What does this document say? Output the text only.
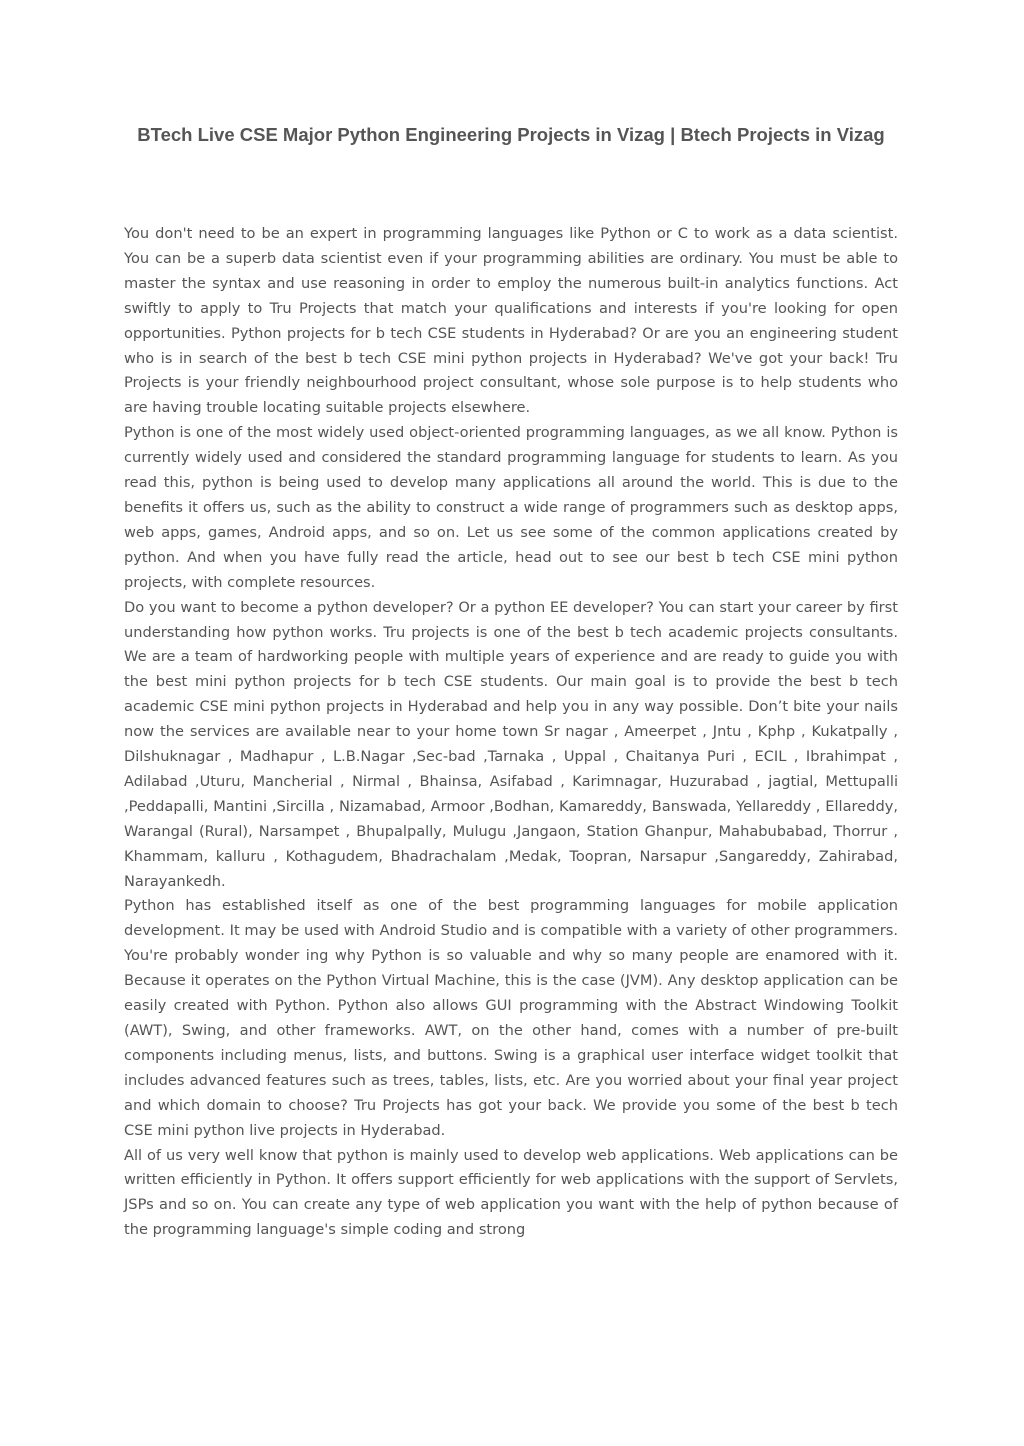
BTech Live CSE Major Python Engineering Projects in Vizag | Btech Projects in Vizag

You don't need to be an expert in programming languages like Python or C to work as a data scientist. You can be a superb data scientist even if your programming abilities are ordinary. You must be able to master the syntax and use reasoning in order to employ the numerous built-in analytics functions. Act swiftly to apply to Tru Projects that match your qualifications and interests if you're looking for open opportunities. Python projects for b tech CSE students in Hyderabad? Or are you an engineering student who is in search of the best b tech CSE mini python projects in Hyderabad? We've got your back! Tru Projects is your friendly neighbourhood project consultant, whose sole purpose is to help students who are having trouble locating suitable projects elsewhere.

Python is one of the most widely used object-oriented programming languages, as we all know. Python is currently widely used and considered the standard programming language for students to learn. As you read this, python is being used to develop many applications all around the world. This is due to the benefits it offers us, such as the ability to construct a wide range of programmers such as desktop apps, web apps, games, Android apps, and so on. Let us see some of the common applications created by python. And when you have fully read the article, head out to see our best b tech CSE mini python projects, with complete resources.

Do you want to become a python developer? Or a python EE developer? You can start your career by first understanding how python works. Tru projects is one of the best b tech academic projects consultants. We are a team of hardworking people with multiple years of experience and are ready to guide you with the best mini python projects for b tech CSE students. Our main goal is to provide the best b tech academic CSE mini python projects in Hyderabad and help you in any way possible. Don’t bite your nails now the services are available near to your home town Sr nagar , Ameerpet , Jntu , Kphp , Kukatpally , Dilshuknagar , Madhapur , L.B.Nagar ,Sec-bad ,Tarnaka , Uppal , Chaitanya Puri , ECIL , Ibrahimpat , Adilabad ,Uturu, Mancherial , Nirmal , Bhainsa, Asifabad , Karimnagar, Huzurabad , jagtial, Mettupalli ,Peddapalli, Mantini ,Sircilla , Nizamabad, Armoor ,Bodhan, Kamareddy, Banswada, Yellareddy , Ellareddy, Warangal (Rural), Narsampet , Bhupalpally, Mulugu ,Jangaon, Station Ghanpur, Mahabubabad, Thorrur , Khammam, kalluru , Kothagudem, Bhadrachalam ,Medak, Toopran, Narsapur ,Sangareddy, Zahirabad, Narayankedh.

Python has established itself as one of the best programming languages for mobile application development. It may be used with Android Studio and is compatible with a variety of other programmers. You're probably wonder ing why Python is so valuable and why so many people are enamored with it. Because it operates on the Python Virtual Machine, this is the case (JVM). Any desktop application can be easily created with Python. Python also allows GUI programming with the Abstract Windowing Toolkit (AWT), Swing, and other frameworks. AWT, on the other hand, comes with a number of pre-built components including menus, lists, and buttons. Swing is a graphical user interface widget toolkit that includes advanced features such as trees, tables, lists, etc. Are you worried about your final year project and which domain to choose? Tru Projects has got your back. We provide you some of the best b tech CSE mini python live projects in Hyderabad.

All of us very well know that python is mainly used to develop web applications. Web applications can be written efficiently in Python. It offers support efficiently for web applications with the support of Servlets, JSPs and so on. You can create any type of web application you want with the help of python because of the programming language's simple coding and strong
